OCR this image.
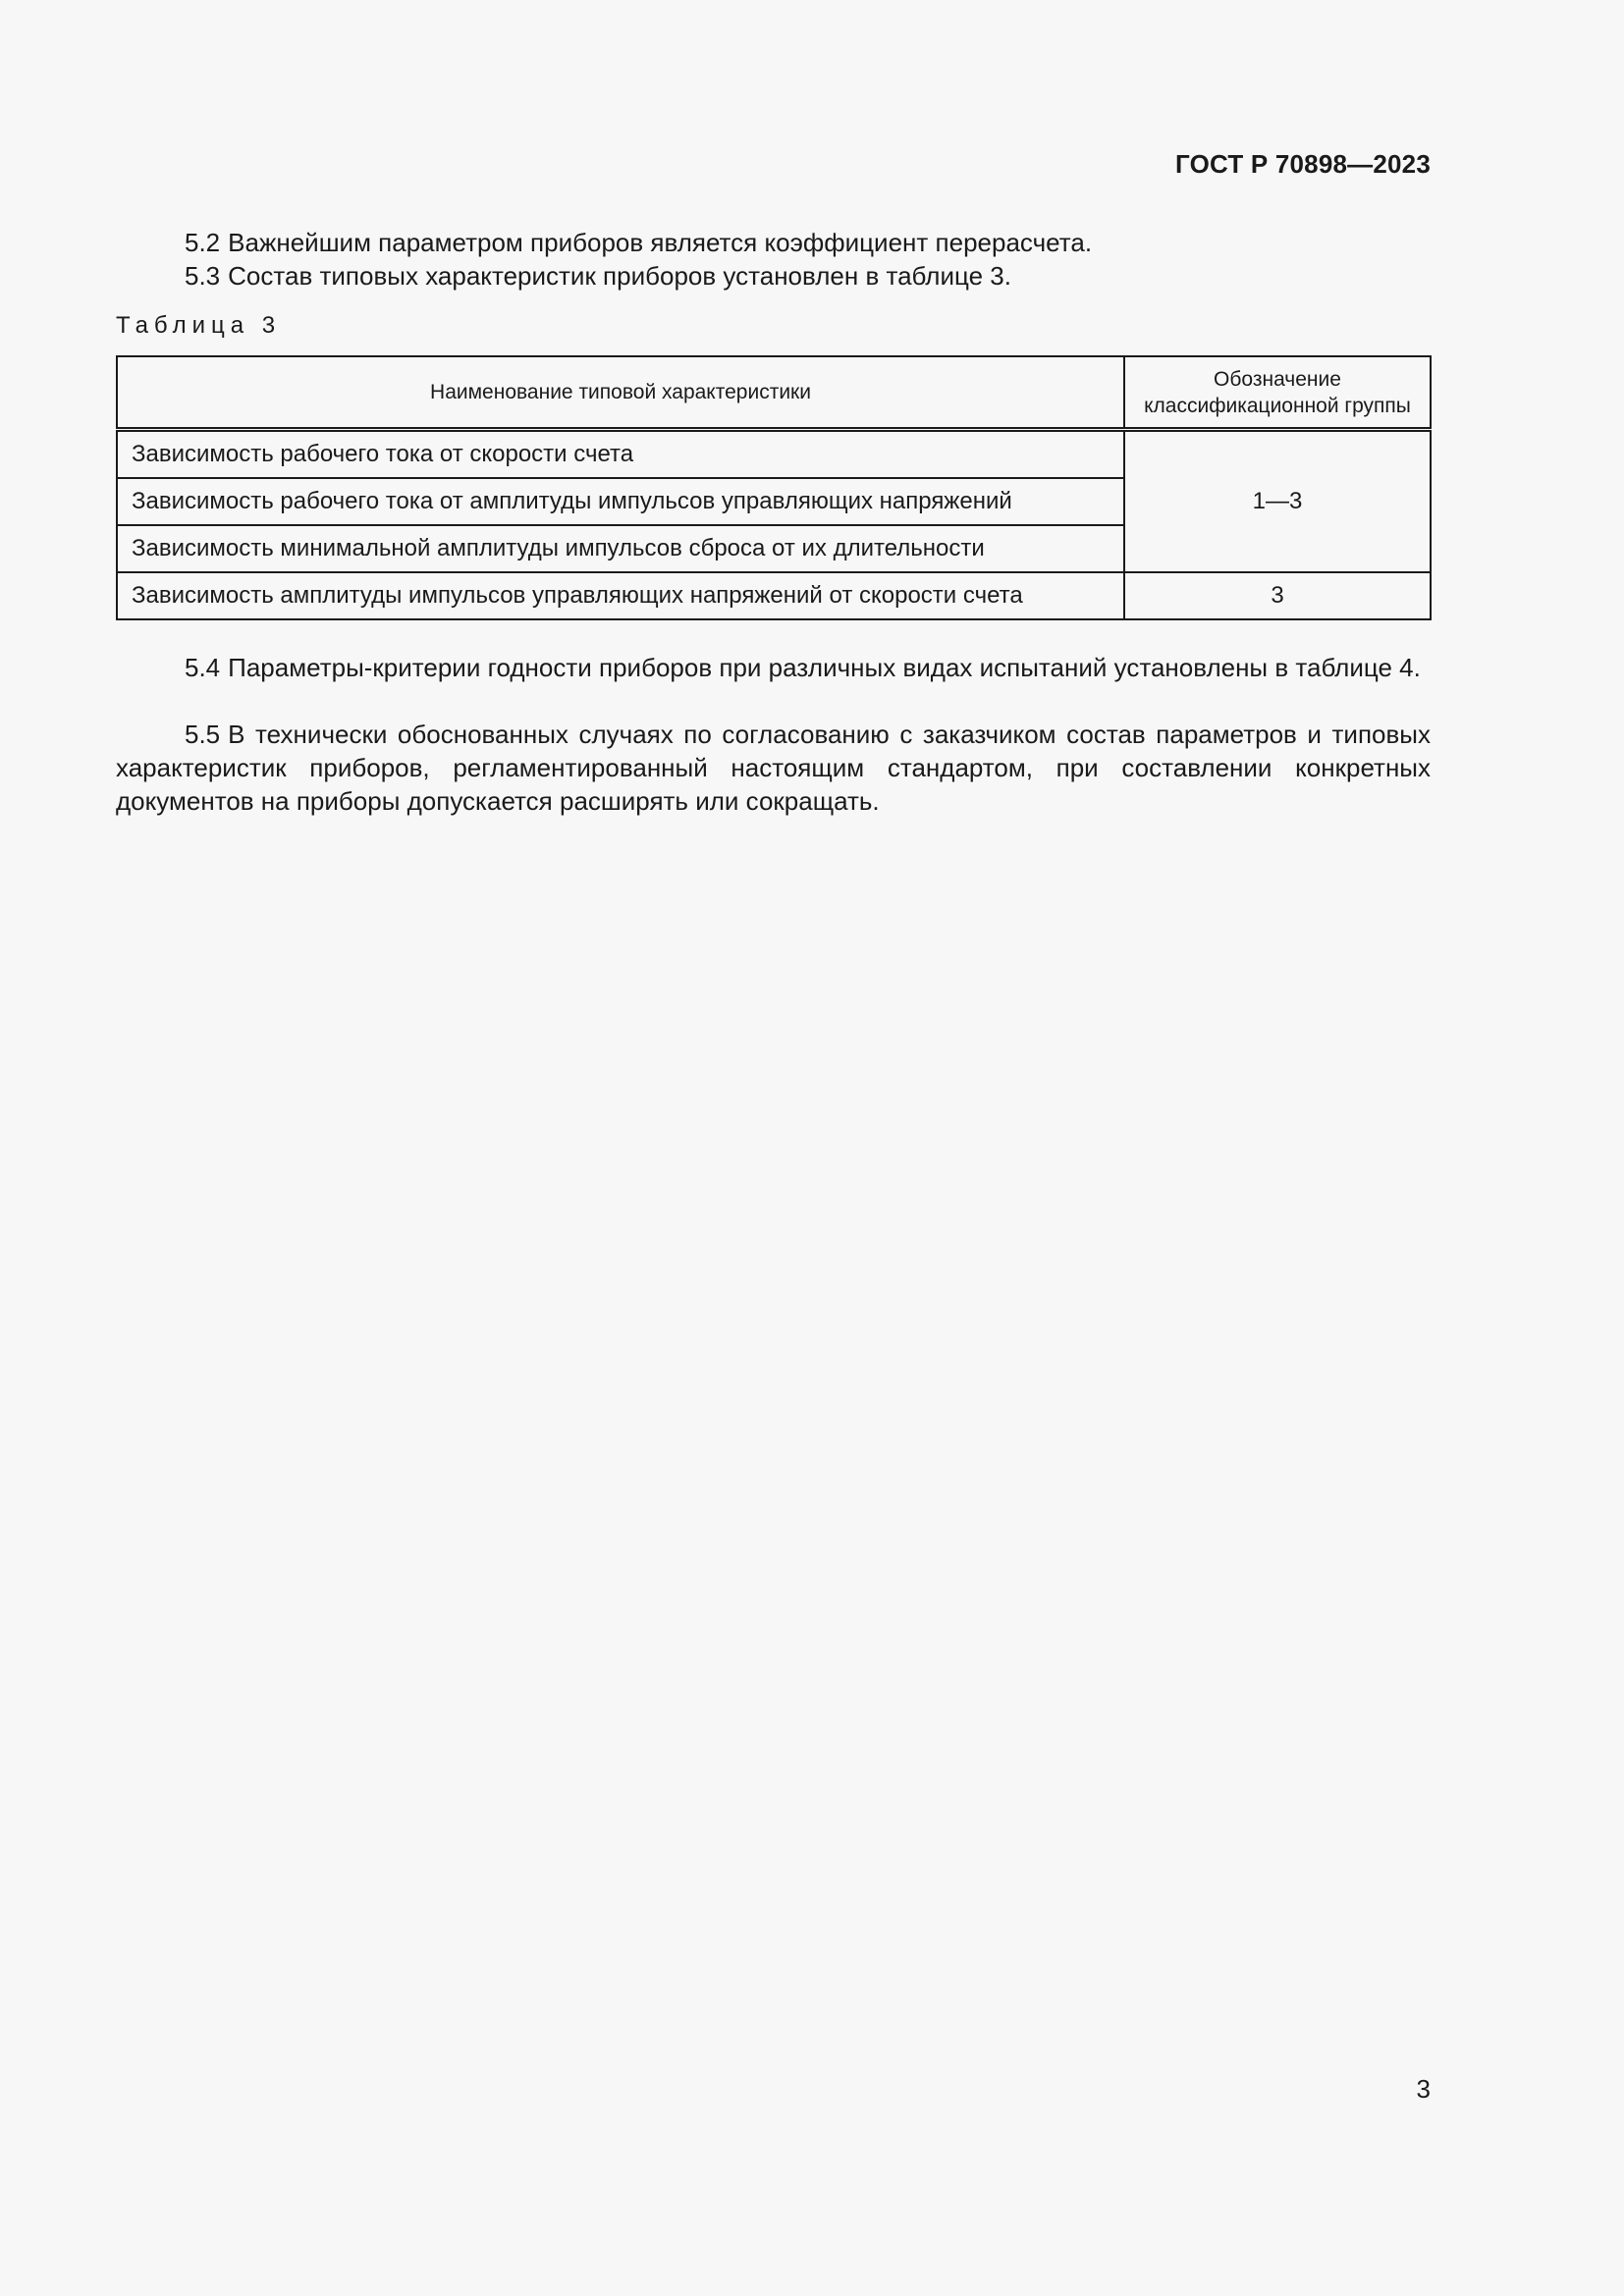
ГОСТ Р 70898—2023

5.2 Важнейшим параметром приборов является коэффициент перерасчета.

5.3 Состав типовых характеристик приборов установлен в таблице 3.

Таблица 3
Наименование типовой характеристики	Обозначение
классификационной группы
Зависимость рабочего тока от скорости счета	1—3
Зависимость рабочего тока от амплитуды импульсов управляющих напряжений	
Зависимость минимальной амплитуды импульсов сброса от их длительности	
Зависимость амплитуды импульсов управляющих напряжений от скорости счета	3

5.4 Параметры-критерии годности приборов при различных видах испытаний установлены в таблице 4.

5.5 В технически обоснованных случаях по согласованию с заказчиком состав параметров и типовых характеристик приборов, регламентированный настоящим стандартом, при составлении конкретных документов на приборы допускается расширять или сокращать.

3
